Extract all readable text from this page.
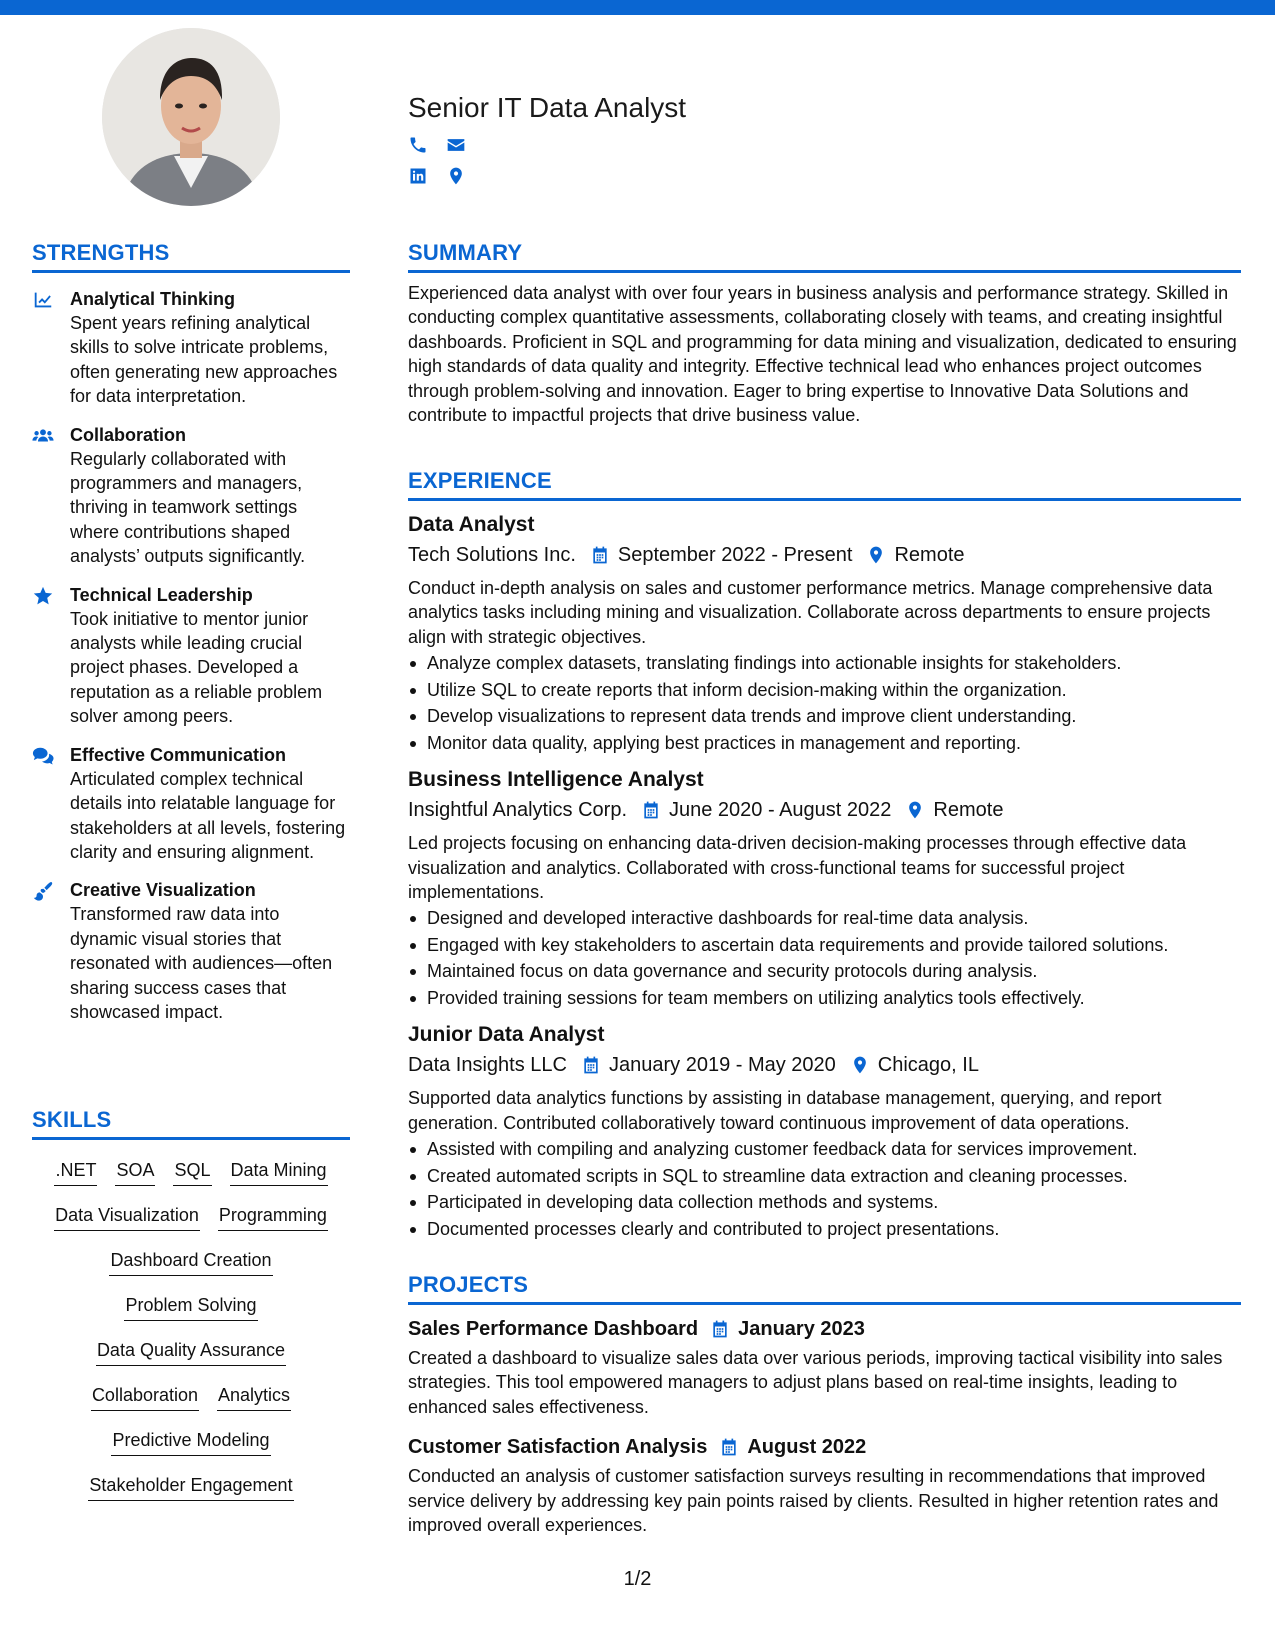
STRENGTHS
Analytical Thinking
Spent years refining analytical skills to solve intricate problems, often generating new approaches for data interpretation.
Collaboration
Regularly collaborated with programmers and managers, thriving in teamwork settings where contributions shaped analysts’ outputs significantly.
Technical Leadership
Took initiative to mentor junior analysts while leading crucial project phases. Developed a reputation as a reliable problem solver among peers.
Effective Communication
Articulated complex technical details into relatable language for stakeholders at all levels, fostering clarity and ensuring alignment.
Creative Visualization
Transformed raw data into dynamic visual stories that resonated with audiences—often sharing success cases that showcased impact.
SKILLS
.NET SOA SQL Data Mining
Data Visualization Programming
Dashboard Creation
Problem Solving
Data Quality Assurance
Collaboration Analytics
Predictive Modeling
Stakeholder Engagement
Senior IT Data Analyst
SUMMARY
Experienced data analyst with over four years in business analysis and performance strategy. Skilled in conducting complex quantitative assessments, collaborating closely with teams, and creating insightful dashboards. Proficient in SQL and programming for data mining and visualization, dedicated to ensuring high standards of data quality and integrity. Effective technical lead who enhances project outcomes through problem-solving and innovation. Eager to bring expertise to Innovative Data Solutions and contribute to impactful projects that drive business value.
EXPERIENCE
Data Analyst
Tech Solutions Inc. September 2022 - Present Remote
Conduct in-depth analysis on sales and customer performance metrics. Manage comprehensive data analytics tasks including mining and visualization. Collaborate across departments to ensure projects align with strategic objectives.
Analyze complex datasets, translating findings into actionable insights for stakeholders.
Utilize SQL to create reports that inform decision-making within the organization.
Develop visualizations to represent data trends and improve client understanding.
Monitor data quality, applying best practices in management and reporting.
Business Intelligence Analyst
Insightful Analytics Corp. June 2020 - August 2022 Remote
Led projects focusing on enhancing data-driven decision-making processes through effective data visualization and analytics. Collaborated with cross-functional teams for successful project implementations.
Designed and developed interactive dashboards for real-time data analysis.
Engaged with key stakeholders to ascertain data requirements and provide tailored solutions.
Maintained focus on data governance and security protocols during analysis.
Provided training sessions for team members on utilizing analytics tools effectively.
Junior Data Analyst
Data Insights LLC January 2019 - May 2020 Chicago, IL
Supported data analytics functions by assisting in database management, querying, and report generation. Contributed collaboratively toward continuous improvement of data operations.
Assisted with compiling and analyzing customer feedback data for services improvement.
Created automated scripts in SQL to streamline data extraction and cleaning processes.
Participated in developing data collection methods and systems.
Documented processes clearly and contributed to project presentations.
PROJECTS
Sales Performance Dashboard January 2023
Created a dashboard to visualize sales data over various periods, improving tactical visibility into sales strategies. This tool empowered managers to adjust plans based on real-time insights, leading to enhanced sales effectiveness.
Customer Satisfaction Analysis August 2022
Conducted an analysis of customer satisfaction surveys resulting in recommendations that improved service delivery by addressing key pain points raised by clients. Resulted in higher retention rates and improved overall experiences.
1/2
